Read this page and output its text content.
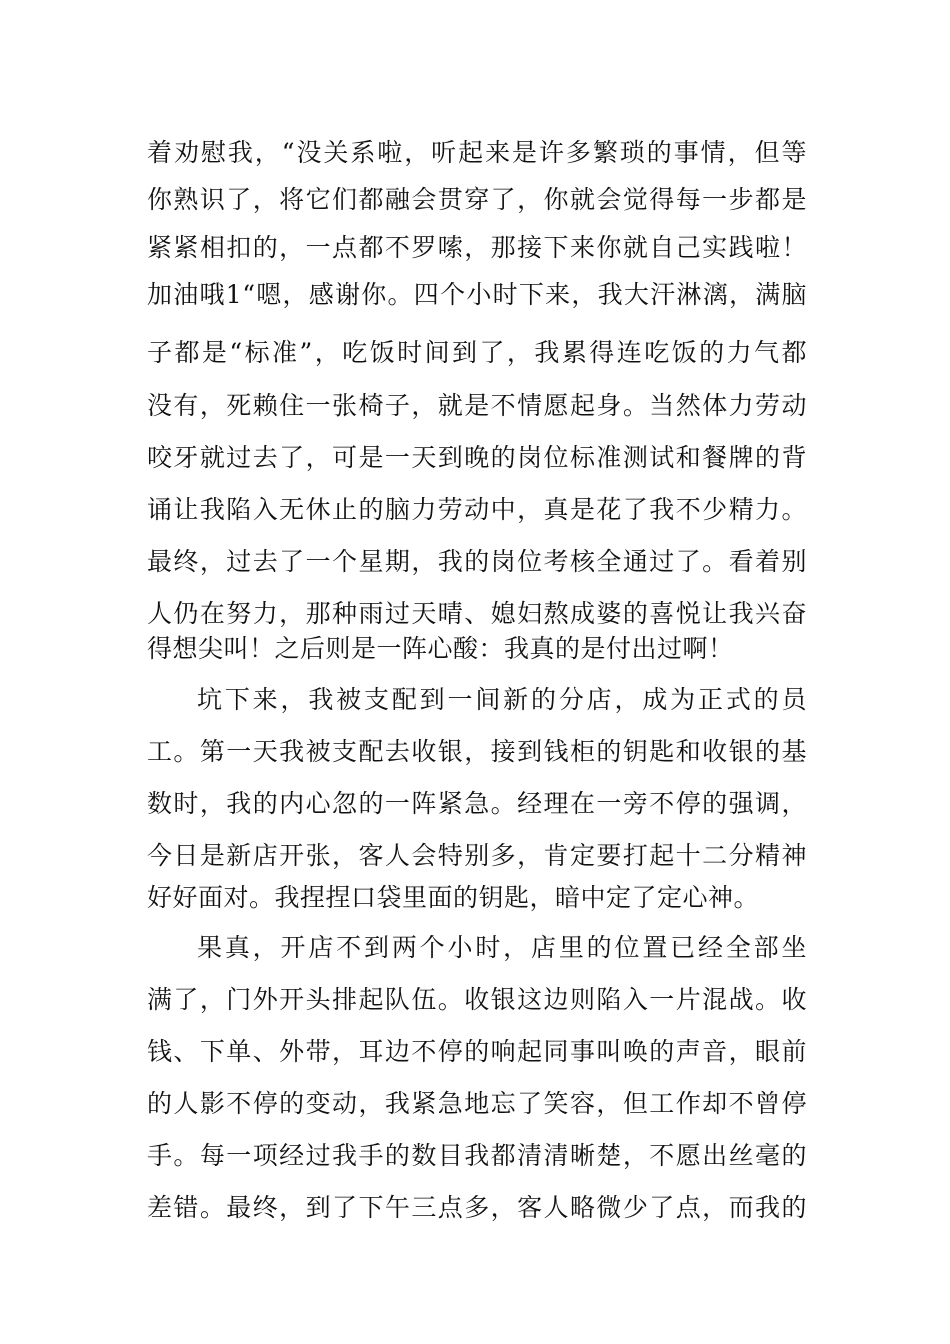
着劝慰我，“没关系啦，听起来是许多繁琐的事情，但等
你熟识了，将它们都融会贯穿了，你就会觉得每一步都是
紧紧相扣的，一点都不罗嗦，那接下来你就自己实践啦！
加油哦1“嗯，感谢你。四个小时下来，我大汗淋漓，满脑
子都是“标准”，吃饭时间到了，我累得连吃饭的力气都
没有，死赖住一张椅子，就是不情愿起身。当然体力劳动
咬牙就过去了，可是一天到晚的岗位标准测试和餐牌的背
诵让我陷入无休止的脑力劳动中，真是花了我不少精力。
最终，过去了一个星期，我的岗位考核全通过了。看着别
人仍在努力，那种雨过天晴、媳妇熬成婆的喜悦让我兴奋
得想尖叫！之后则是一阵心酸：我真的是付出过啊！
坑下来，我被支配到一间新的分店，成为正式的员
工。第一天我被支配去收银，接到钱柜的钥匙和收银的基
数时，我的内心忽的一阵紧急。经理在一旁不停的强调，
今日是新店开张，客人会特别多，肯定要打起十二分精神
好好面对。我捏捏口袋里面的钥匙，暗中定了定心神。
果真，开店不到两个小时，店里的位置已经全部坐
满了，门外开头排起队伍。收银这边则陷入一片混战。收
钱、下单、外带，耳边不停的响起同事叫唤的声音，眼前
的人影不停的变动，我紧急地忘了笑容，但工作却不曾停
手。每一项经过我手的数目我都清清晰楚，不愿出丝毫的
差错。最终，到了下午三点多，客人略微少了点，而我的
